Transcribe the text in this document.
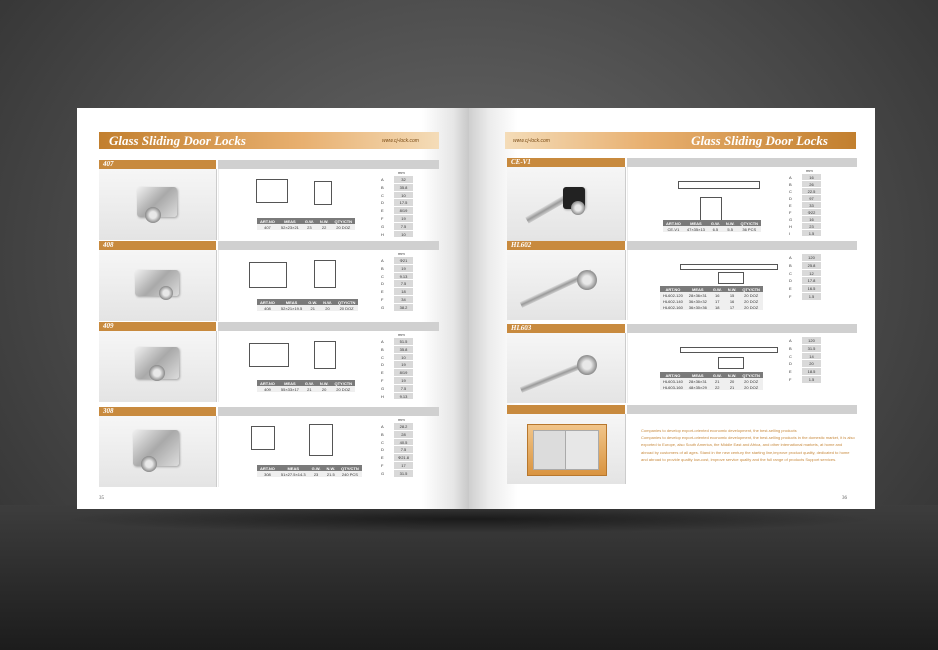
Glass Sliding Door Locks	www.cj-lock.com
407
ART.NO	MEAS	G.W.	N.W.	QTY/CTN
407	52×23×21	23	22	20 DOZ
mm
A	32
B	35.8
C	10
D	17.5
E	8/19
F	19
G	7.5
H	10
408
ART.NO	MEAS	G.W.	N.W.	QTY/CTN
408	52×21×19.5	21	20	20 DOZ
mm
A	Φ21
B	19
C	9.13
D	7.5
E	18
F	34
G	38.2
409
ART.NO	MEAS	G.W.	N.W.	QTY/CTN
409	55×33×17	21	20	20 DOZ
mm
A	51.5
B	35.8
C	10
D	19
E	8/19
F	19
G	7.5
H	9.13
308
ART.NO	MEAS	G.W.	N.W.	QTY/CTN
308	51×27.5×14.3	23	21.5	240 PCS
mm
A	28.2
B	28
C	40.5
D	7.5
E	Φ21.8
F	17
G	31.5
35
Glass Sliding Door Locks
www.cj-lock.com
CE-V1
ART.NO	MEAS	G.W.	N.W.	QTY/CTN
CE-V1	47×35×13	6.5	5.5	36 PCS
mm
A	16
B	26
C	22.5
D	97
E	33
F	Φ22
G	16
H	23
I	1.5
HL602
ART.NO	MEAS	G.W.	N.W.	QTY/CTN
HL602-120	28×36×31	16	15	20 DOZ
HL602-140	36×30×32	17	16	20 DOZ
HL602-160	36×30×36	18	17	20 DOZ
A	120
B	25.8
C	12
D	17.8
E	16.5
F	1.5
HL603
ART.NO	MEAS	G.W.	N.W.	QTY/CTN
HL603-140	28×36×31	21	20	20 DOZ
HL603-160	48×35×29	22	21	20 DOZ
A	120
B	31.5
C	14
D	20
E	18.5
F	1.5
Companies to develop export-oriented economic development, the best-selling products
Companies to develop export-oriented economic development, the best-selling products in the domestic market, it is also exported to Europe, also South America, the Middle East and Africa, and other international markets, at home and abroad by customers of all ages. Stand in the new century the starting line,improve product quality, dedicated to home and abroad to provide quality low-cost, improve service quality and the full range of products Support services.
36
